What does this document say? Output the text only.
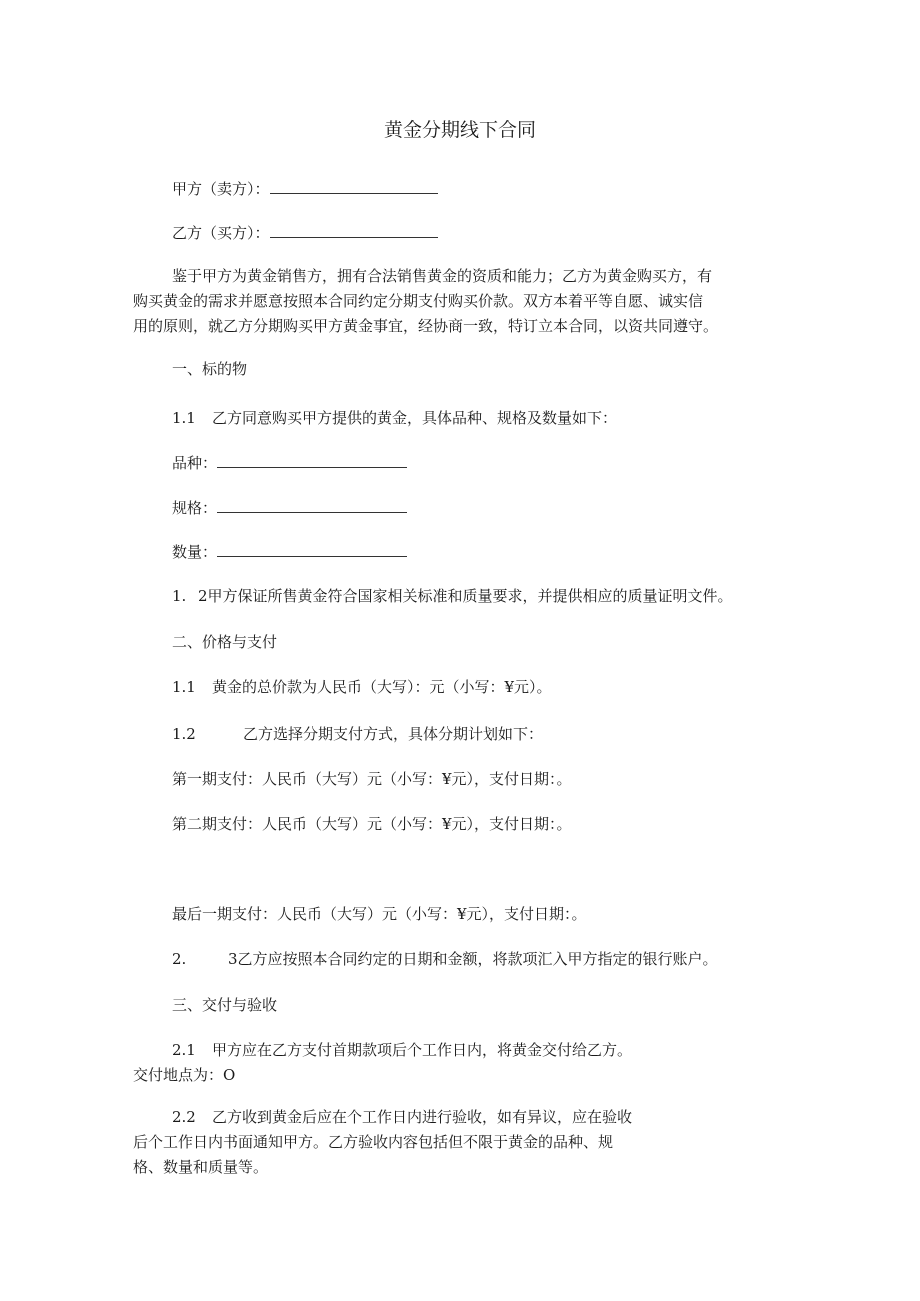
黄金分期线下合同
甲方（卖方）：
乙方（买方）：
鉴于甲方为黄金销售方，拥有合法销售黄金的资质和能力；乙方为黄金购买方，有
购买黄金的需求并愿意按照本合同约定分期支付购买价款。双方本着平等自愿、诚实信
用的原则，就乙方分期购买甲方黄金事宜，经协商一致，特订立本合同，以资共同遵守。
一、标的物
1.1 乙方同意购买甲方提供的黄金，具体品种、规格及数量如下：
品种：
规格：
数量：
1. 2甲方保证所售黄金符合国家相关标准和质量要求，并提供相应的质量证明文件。
二、价格与支付
1.1 黄金的总价款为人民币（大写）：元（小写：¥元）。
1.2	乙方选择分期支付方式，具体分期计划如下：
第一期支付：人民币（大写）元（小写：¥元），支付日期：。
第二期支付：人民币（大写）元（小写：¥元），支付日期：。
最后一期支付：人民币（大写）元（小写：¥元），支付日期：。
2.	3乙方应按照本合同约定的日期和金额，将款项汇入甲方指定的银行账户。
三、交付与验收
2.1 甲方应在乙方支付首期款项后个工作日内，将黄金交付给乙方。
交付地点为：O
2.2 乙方收到黄金后应在个工作日内进行验收，如有异议，应在验收
后个工作日内书面通知甲方。乙方验收内容包括但不限于黄金的品种、规
格、数量和质量等。
